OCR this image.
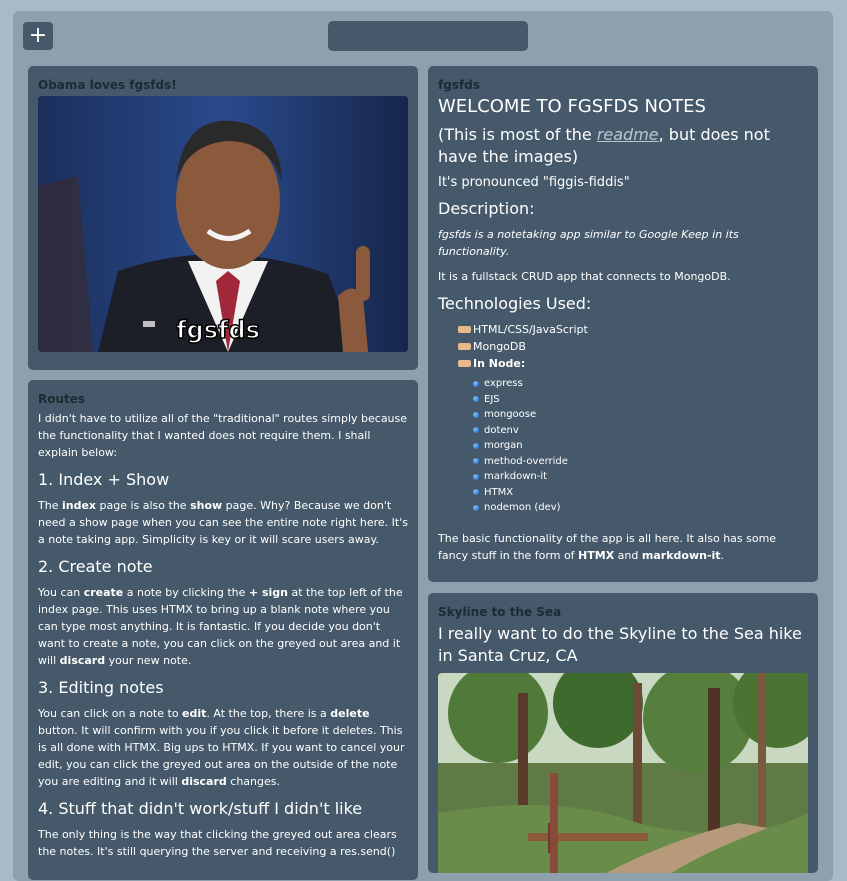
+
Obama loves fgsfds!
fgsfds
Routes

I didn't have to utilize all of the "traditional" routes simply because the functionality that I wanted does not require them. I shall explain below:

1. Index + Show

The index page is also the show page. Why? Because we don't need a show page when you can see the entire note right here. It's a note taking app. Simplicity is key or it will scare users away.

2. Create note

You can create a note by clicking the + sign at the top left of the index page. This uses HTMX to bring up a blank note where you can type most anything. It is fantastic. If you decide you don't want to create a note, you can click on the greyed out area and it will discard your new note.

3. Editing notes

You can click on a note to edit. At the top, there is a delete button. It will confirm with you if you click it before it deletes. This is all done with HTMX. Big ups to HTMX. If you want to cancel your edit, you can click the greyed out area on the outside of the note you are editing and it will discard changes.

4. Stuff that didn't work/stuff I didn't like

The only thing is the way that clicking the greyed out area clears the notes. It's still querying the server and receiving a res.send()

fgsfds
WELCOME TO FGSFDS NOTES
(This is most of the readme, but does not have the images)
It's pronounced "figgis-fiddis"
Description:

fgsfds is a notetaking app similar to Google Keep in its functionality.

It is a fullstack CRUD app that connects to MongoDB.

Technologies Used:
HTML/CSS/JavaScript
MongoDB
In Node:
express
EJS
mongoose
dotenv
morgan
method-override
markdown-it
HTMX
nodemon (dev)

The basic functionality of the app is all here. It also has some fancy stuff in the form of HTMX and markdown-it.

Skyline to the Sea
I really want to do the Skyline to the Sea hike in Santa Cruz, CA
